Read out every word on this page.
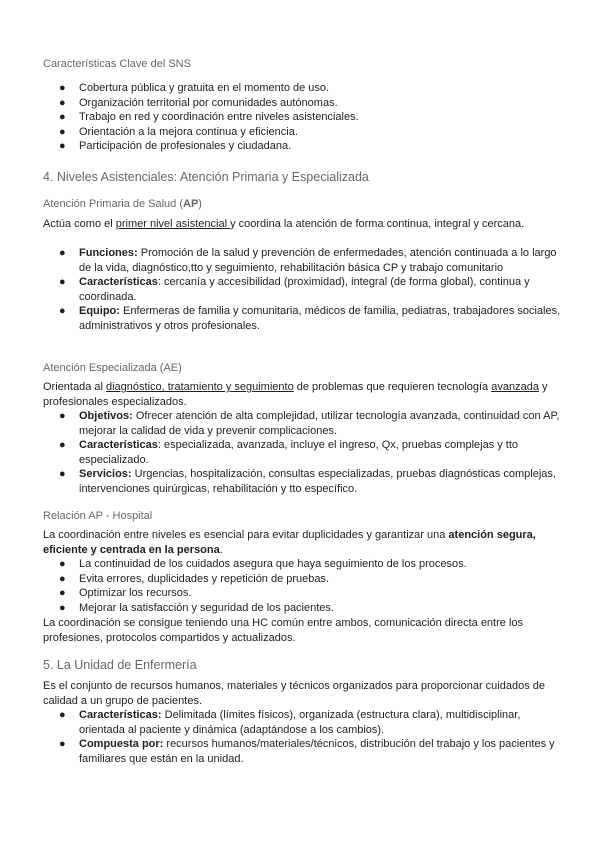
Características Clave del SNS
● Cobertura pública y gratuita en el momento de uso.
● Organización territorial por comunidades autónomas.
● Trabajo en red y coordinación entre niveles asistenciales.
● Orientación a la mejora continua y eficiencia.
● Participación de profesionales y ciudadana.
4. Niveles Asistenciales: Atención Primaria y Especializada
Atención Primaria de Salud (AP)

Actúa como el primer nivel asistencial y coordina la atención de forma continua, integral y cercana.

● Funciones: Promoción de la salud y prevención de enfermedades, atención continuada a lo largo de la vida, diagnóstico,tto y seguimiento, rehabilitación básica CP y trabajo comunitario
● Características: cercanía y accesibilidad (proximidad), integral (de forma global), continua y coordinada.
● Equipo: Enfermeras de familia y comunitaria, médicos de familia, pediatras, trabajadores sociales, administrativos y otros profesionales.
Atención Especializada (AE)

Orientada al diagnóstico, tratamiento y seguimiento de problemas que requieren tecnología avanzada y profesionales especializados.

● Objetivos: Ofrecer atención de alta complejidad, utilizar tecnología avanzada, continuidad con AP, mejorar la calidad de vida y prevenir complicaciones.
● Características: especializada, avanzada, incluye el ingreso, Qx, pruebas complejas y tto especializado.
● Servicios: Urgencias, hospitalización, consultas especializadas, pruebas diagnósticas complejas, intervenciones quirúrgicas, rehabilitación y tto específico.
Relación AP - Hospital

La coordinación entre niveles es esencial para evitar duplicidades y garantizar una atención segura, eficiente y centrada en la persona.

● La continuidad de los cuidados asegura que haya seguimiento de los procesos.
● Evita errores, duplicidades y repetición de pruebas.
● Optimizar los recursos.
● Mejorar la satisfacción y seguridad de los pacientes.

La coordinación se consigue teniendo una HC común entre ambos, comunicación directa entre los profesiones, protocolos compartidos y actualizados.

5. La Unidad de Enfermería

Es el conjunto de recursos humanos, materiales y técnicos organizados para proporcionar cuidados de calidad a un grupo de pacientes.

● Características: Delimitada (límites físicos), organizada (estructura clara), multidisciplinar, orientada al paciente y dinámica (adaptándose a los cambios).
● Compuesta por: recursos humanos/materiales/técnicos, distribución del trabajo y los pacientes y familiares que están en la unidad.
